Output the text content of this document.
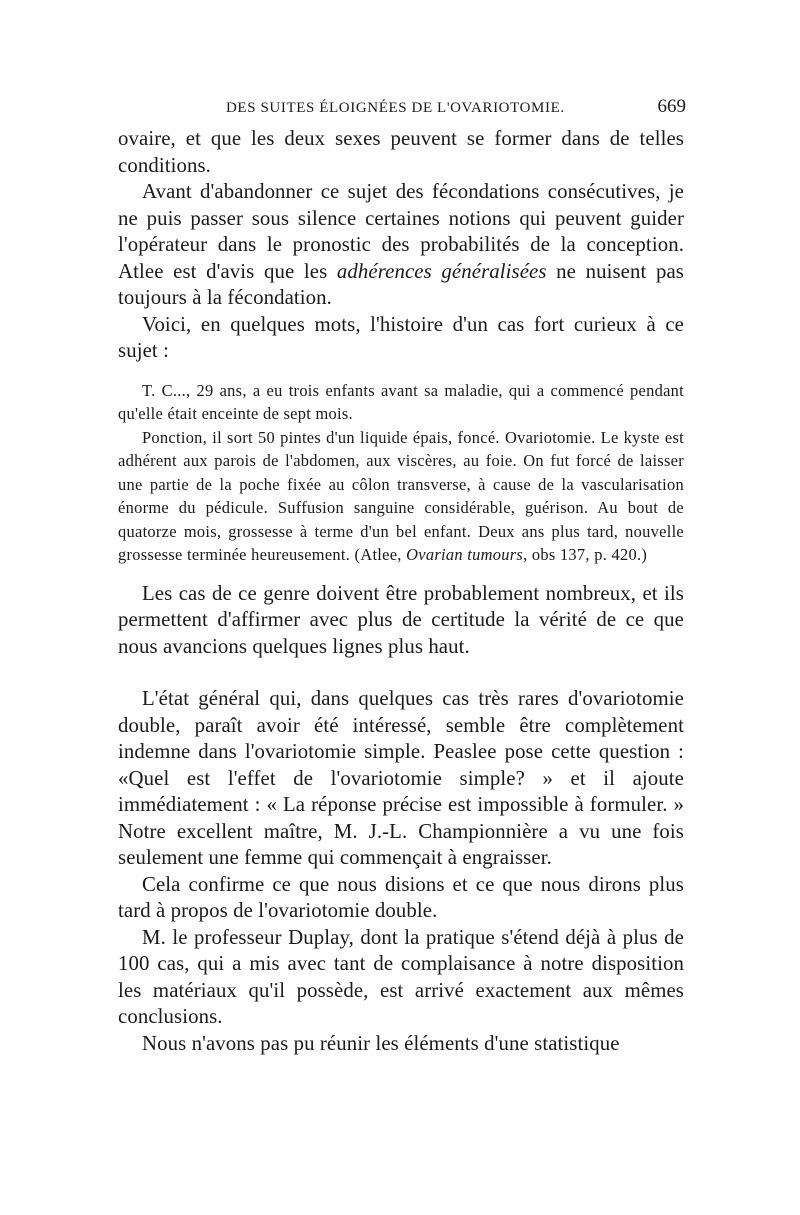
DES SUITES ÉLOIGNÉES DE L'OVARIOTOMIE.	669

ovaire, et que les deux sexes peuvent se former dans de telles conditions.

Avant d'abandonner ce sujet des fécondations consécutives, je ne puis passer sous silence certaines notions qui peuvent guider l'opérateur dans le pronostic des probabilités de la conception. Atlee est d'avis que les adhérences généralisées ne nuisent pas toujours à la fécondation.

Voici, en quelques mots, l'histoire d'un cas fort curieux à ce sujet :

T. C..., 29 ans, a eu trois enfants avant sa maladie, qui a commencé pendant qu'elle était enceinte de sept mois.

Ponction, il sort 50 pintes d'un liquide épais, foncé. Ovariotomie. Le kyste est adhérent aux parois de l'abdomen, aux viscères, au foie. On fut forcé de laisser une partie de la poche fixée au côlon transverse, à cause de la vascularisation énorme du pédicule. Suffusion sanguine considérable, guérison. Au bout de quatorze mois, grossesse à terme d'un bel enfant. Deux ans plus tard, nouvelle grossesse terminée heureusement. (Atlee, Ovarian tumours, obs 137, p. 420.)

Les cas de ce genre doivent être probablement nombreux, et ils permettent d'affirmer avec plus de certitude la vérité de ce que nous avancions quelques lignes plus haut.

L'état général qui, dans quelques cas très rares d'ovariotomie double, paraît avoir été intéressé, semble être complètement indemne dans l'ovariotomie simple. Peaslee pose cette question : «Quel est l'effet de l'ovariotomie simple? » et il ajoute immédiatement : « La réponse précise est impossible à formuler. » Notre excellent maître, M. J.-L. Championnière a vu une fois seulement une femme qui commençait à engraisser.

Cela confirme ce que nous disions et ce que nous dirons plus tard à propos de l'ovariotomie double.

M. le professeur Duplay, dont la pratique s'étend déjà à plus de 100 cas, qui a mis avec tant de complaisance à notre disposition les matériaux qu'il possède, est arrivé exactement aux mêmes conclusions.

Nous n'avons pas pu réunir les éléments d'une statistique
